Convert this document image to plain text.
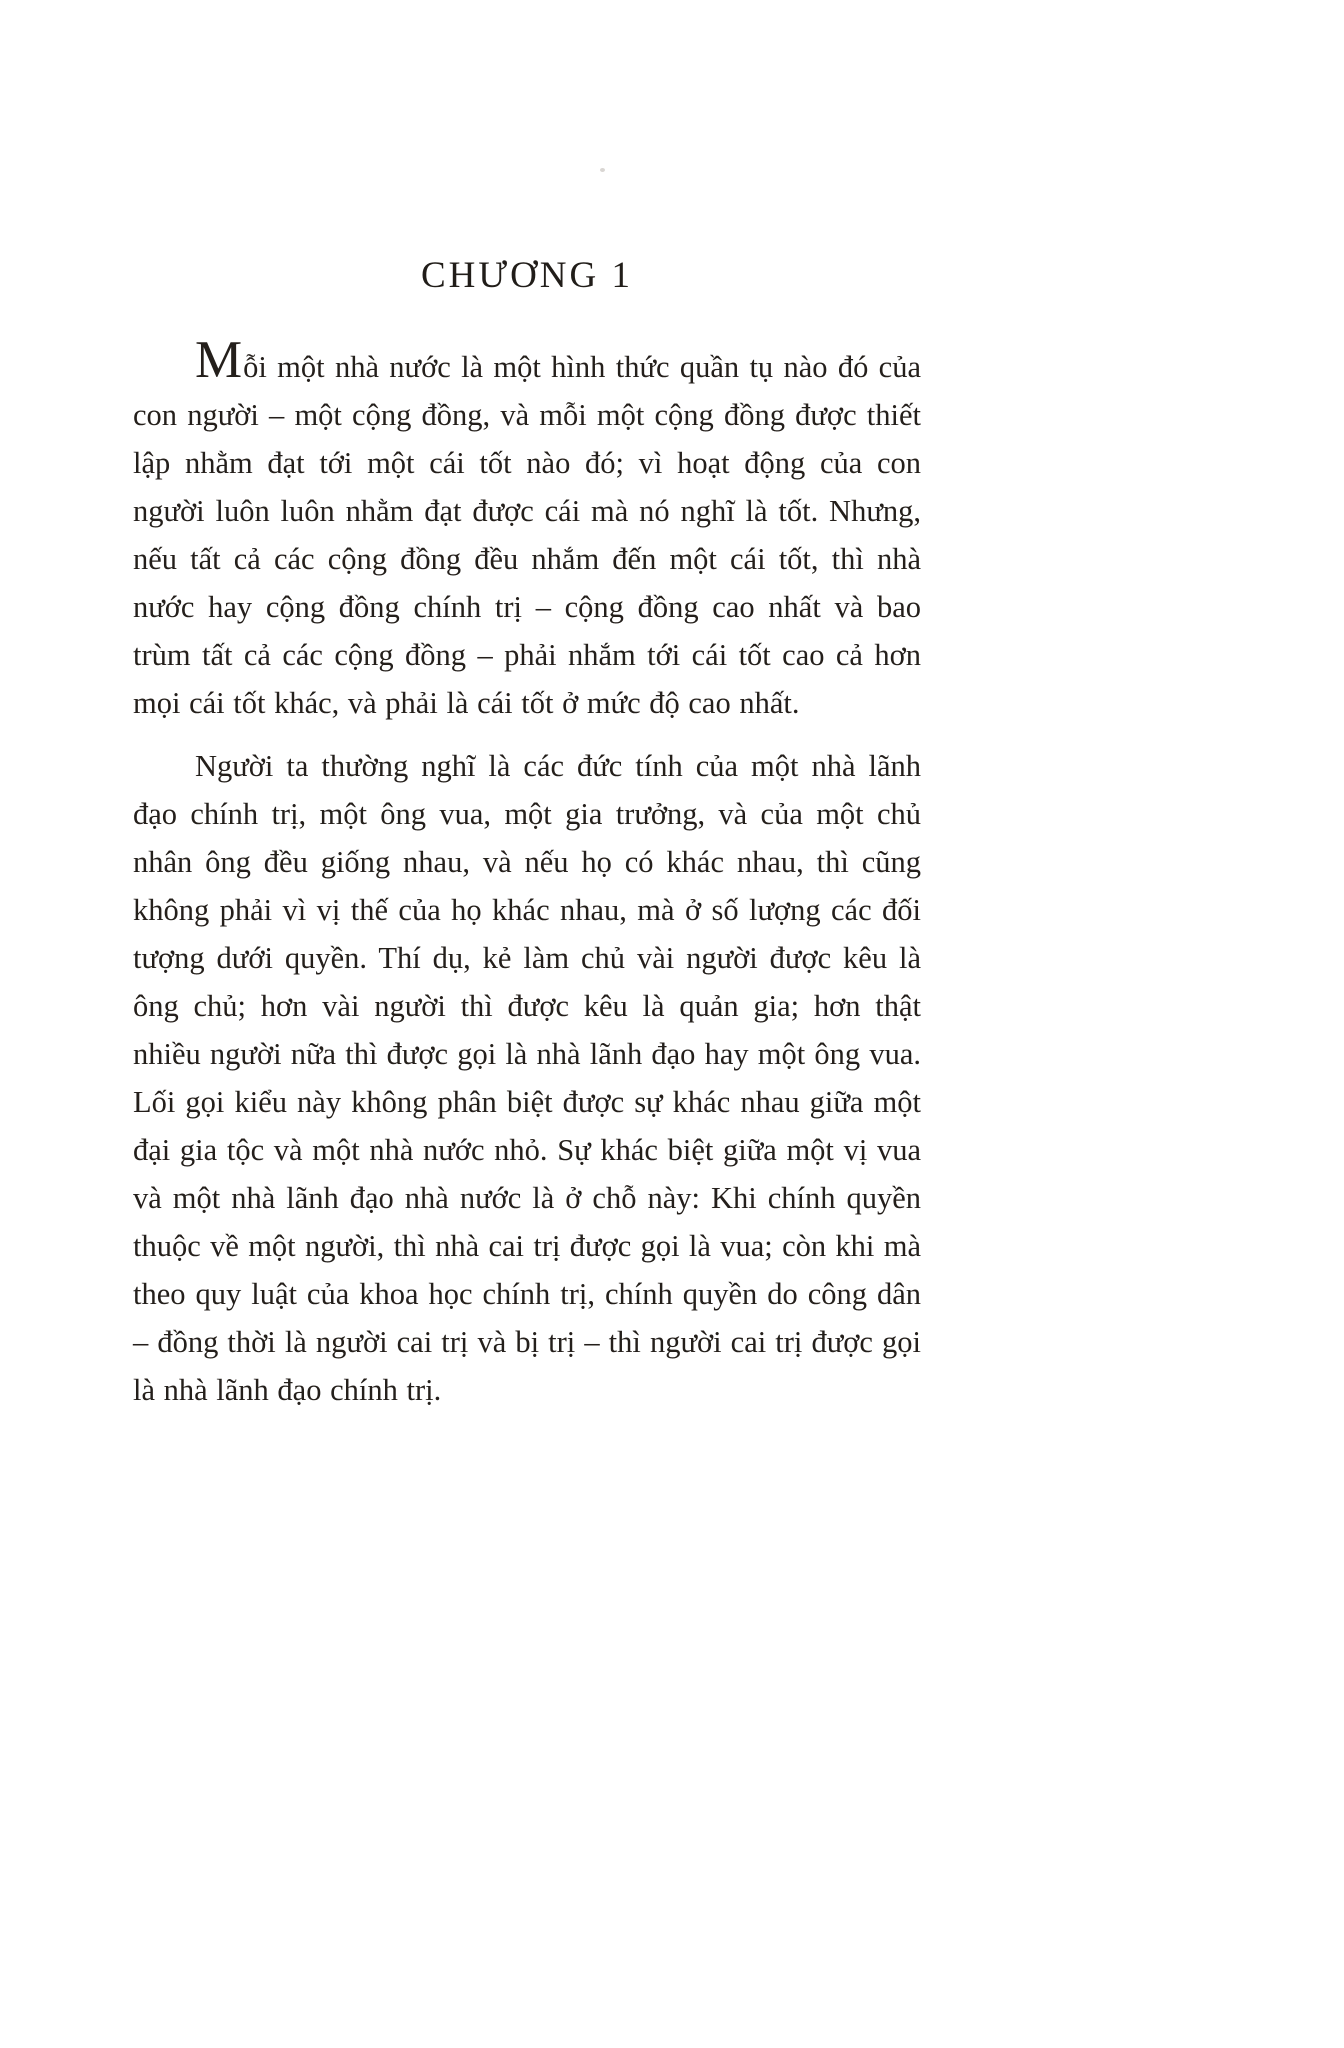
CHƯƠNG 1

Mỗi một nhà nước là một hình thức quần tụ nào đó của con người – một cộng đồng, và mỗi một cộng đồng được thiết lập nhằm đạt tới một cái tốt nào đó; vì hoạt động của con người luôn luôn nhằm đạt được cái mà nó nghĩ là tốt. Nhưng, nếu tất cả các cộng đồng đều nhắm đến một cái tốt, thì nhà nước hay cộng đồng chính trị – cộng đồng cao nhất và bao trùm tất cả các cộng đồng – phải nhắm tới cái tốt cao cả hơn mọi cái tốt khác, và phải là cái tốt ở mức độ cao nhất.

Người ta thường nghĩ là các đức tính của một nhà lãnh đạo chính trị, một ông vua, một gia trưởng, và của một chủ nhân ông đều giống nhau, và nếu họ có khác nhau, thì cũng không phải vì vị thế của họ khác nhau, mà ở số lượng các đối tượng dưới quyền. Thí dụ, kẻ làm chủ vài người được kêu là ông chủ; hơn vài người thì được kêu là quản gia; hơn thật nhiều người nữa thì được gọi là nhà lãnh đạo hay một ông vua. Lối gọi kiểu này không phân biệt được sự khác nhau giữa một đại gia tộc và một nhà nước nhỏ. Sự khác biệt giữa một vị vua và một nhà lãnh đạo nhà nước là ở chỗ này: Khi chính quyền thuộc về một người, thì nhà cai trị được gọi là vua; còn khi mà theo quy luật của khoa học chính trị, chính quyền do công dân – đồng thời là người cai trị và bị trị – thì người cai trị được gọi là nhà lãnh đạo chính trị.
